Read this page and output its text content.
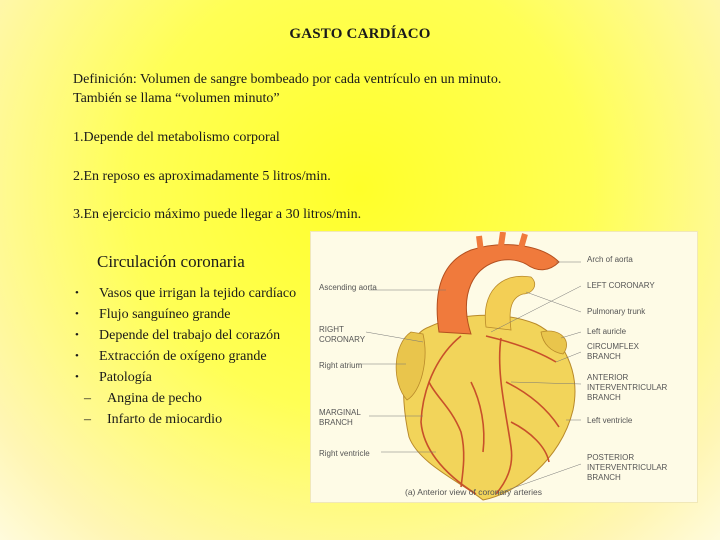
GASTO CARDÍACO
Definición: Volumen de sangre bombeado por cada ventrículo en un minuto.
También se llama “volumen minuto”
1.Depende del metabolismo corporal
2.En reposo es aproximadamente 5 litros/min.
3.En ejercicio máximo puede llegar a 30 litros/min.
Circulación coronaria
• Vasos que irrigan la tejido cardíaco
• Flujo sanguíneo grande
• Depende del trabajo del corazón
• Extracción de oxígeno grande
• Patología
– Angina de pecho
– Infarto de miocardio
Ascending aorta
RIGHT
CORONARY
Right atrium
MARGINAL
BRANCH
Right ventricle
Arch of aorta
LEFT CORONARY
Pulmonary trunk
Left auricle
CIRCUMFLEX
BRANCH
ANTERIOR
INTERVENTRICULAR
BRANCH
Left ventricle
POSTERIOR
INTERVENTRICULAR
BRANCH
(a) Anterior view of coronary arteries
